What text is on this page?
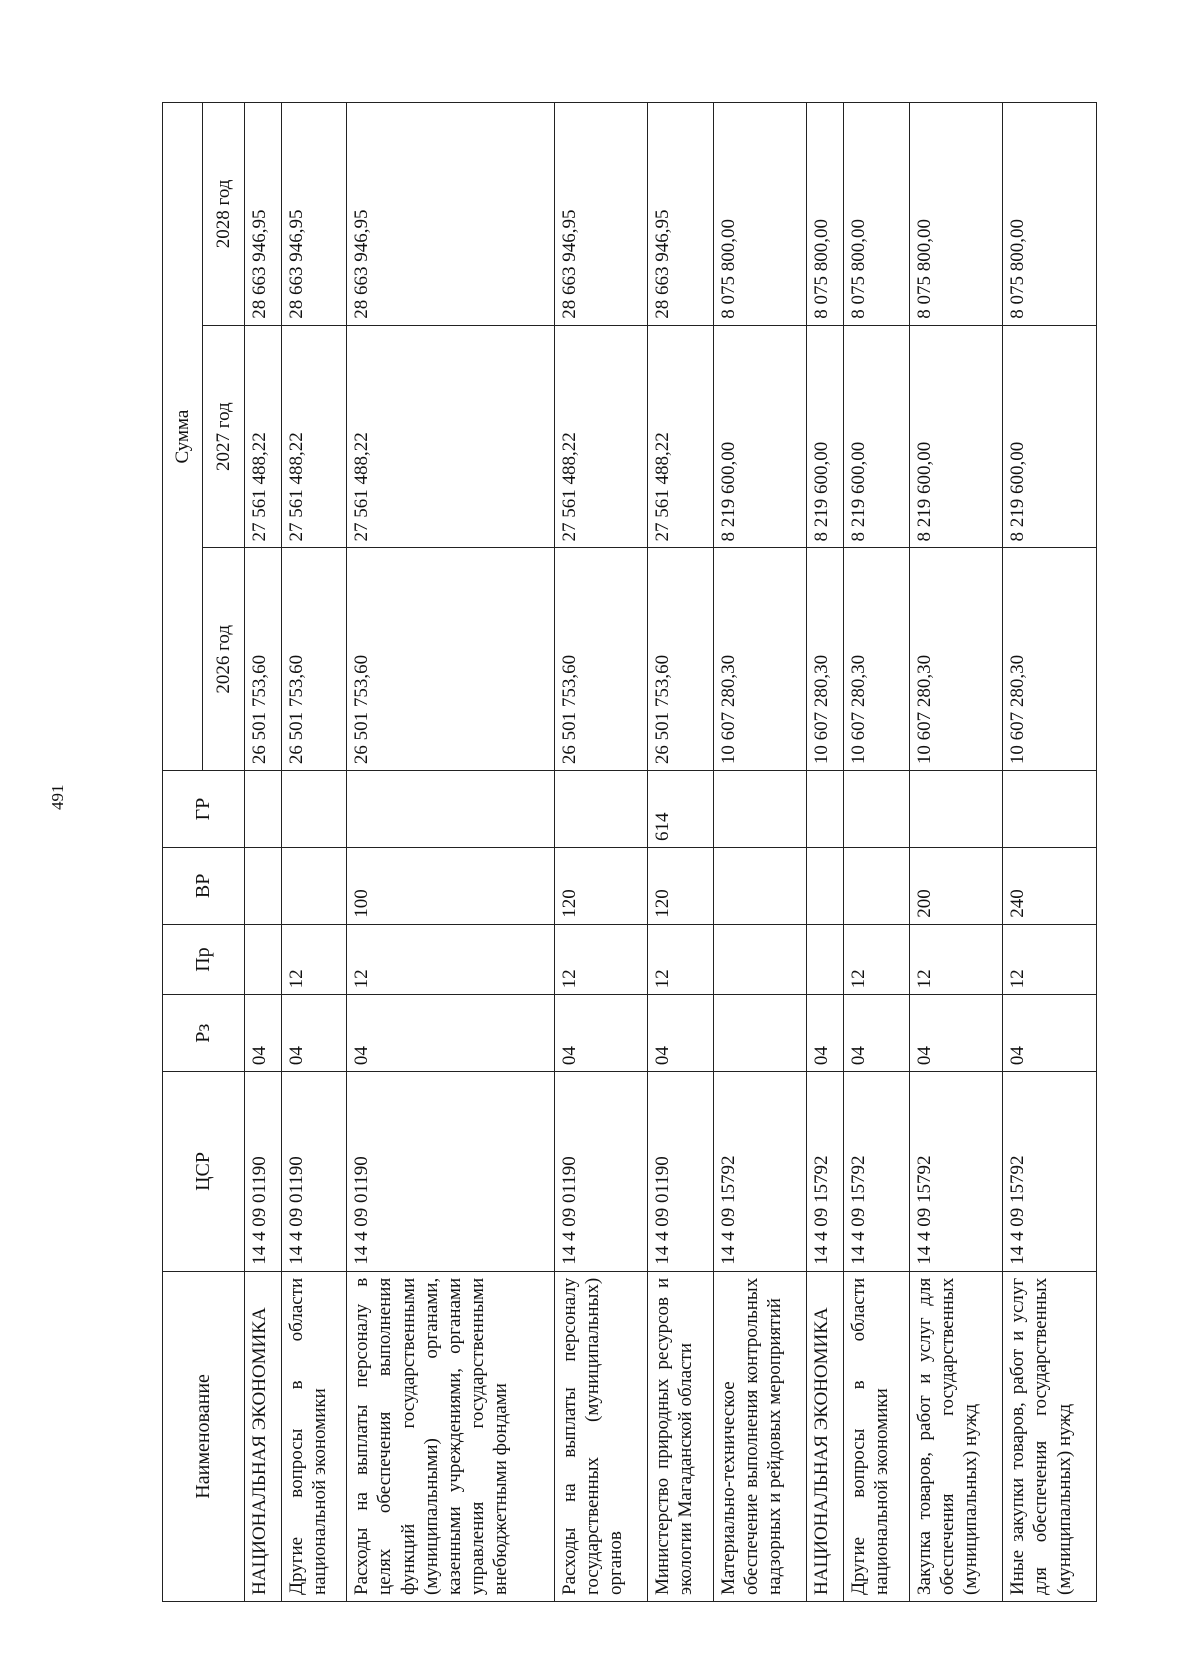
491
Наименование	ЦСР	Рз	Пр	ВР	ГР	Сумма		
						2026 год	2027 год	2028 год
НАЦИОНАЛЬНАЯ ЭКОНОМИКА	14 4 09 01190	04				26 501 753,60	27 561 488,22	28 663 946,95
Другие вопросы в области национальной экономики	14 4 09 01190	04	12			26 501 753,60	27 561 488,22	28 663 946,95
Расходы на выплаты персоналу в целях обеспечения выполнения функций государственными (муниципальными) органами, казенными учреждениями, органами управления государственными внебюджетными фондами	14 4 09 01190	04	12	100		26 501 753,60	27 561 488,22	28 663 946,95
Расходы на выплаты персоналу государственных (муниципальных) органов	14 4 09 01190	04	12	120		26 501 753,60	27 561 488,22	28 663 946,95
Министерство природных ресурсов и экологии Магаданской области	14 4 09 01190	04	12	120	614	26 501 753,60	27 561 488,22	28 663 946,95
Материально-техническое обеспечение выполнения контрольных надзорных и рейдовых мероприятий	14 4 09 15792					10 607 280,30	8 219 600,00	8 075 800,00
НАЦИОНАЛЬНАЯ ЭКОНОМИКА	14 4 09 15792	04				10 607 280,30	8 219 600,00	8 075 800,00
Другие вопросы в области национальной экономики	14 4 09 15792	04	12			10 607 280,30	8 219 600,00	8 075 800,00
Закупка товаров, работ и услуг для обеспечения государственных (муниципальных) нужд	14 4 09 15792	04	12	200		10 607 280,30	8 219 600,00	8 075 800,00
Иные закупки товаров, работ и услуг для обеспечения государственных (муниципальных) нужд	14 4 09 15792	04	12	240		10 607 280,30	8 219 600,00	8 075 800,00
